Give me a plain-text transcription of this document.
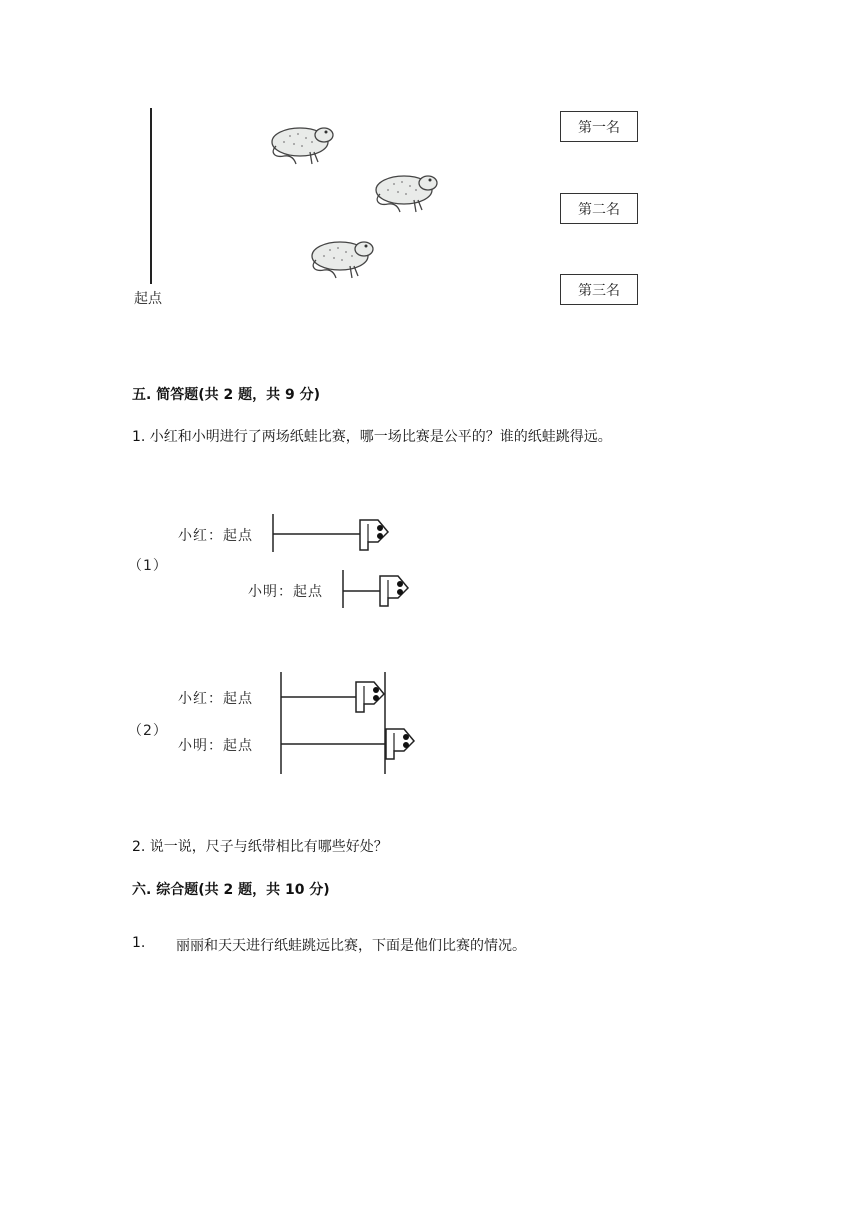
起点
第一名
第二名
第三名
五. 简答题(共 2 题，共 9 分)
1. 小红和小明进行了两场纸蛙比赛，哪一场比赛是公平的？谁的纸蛙跳得远。
（1）
小红：起点
小明：起点
（2）
小红：起点
小明：起点
2. 说一说，尺子与纸带相比有哪些好处？
六. 综合题(共 2 题，共 10 分)
1. 丽丽和天天进行纸蛙跳远比赛，下面是他们比赛的情况。
